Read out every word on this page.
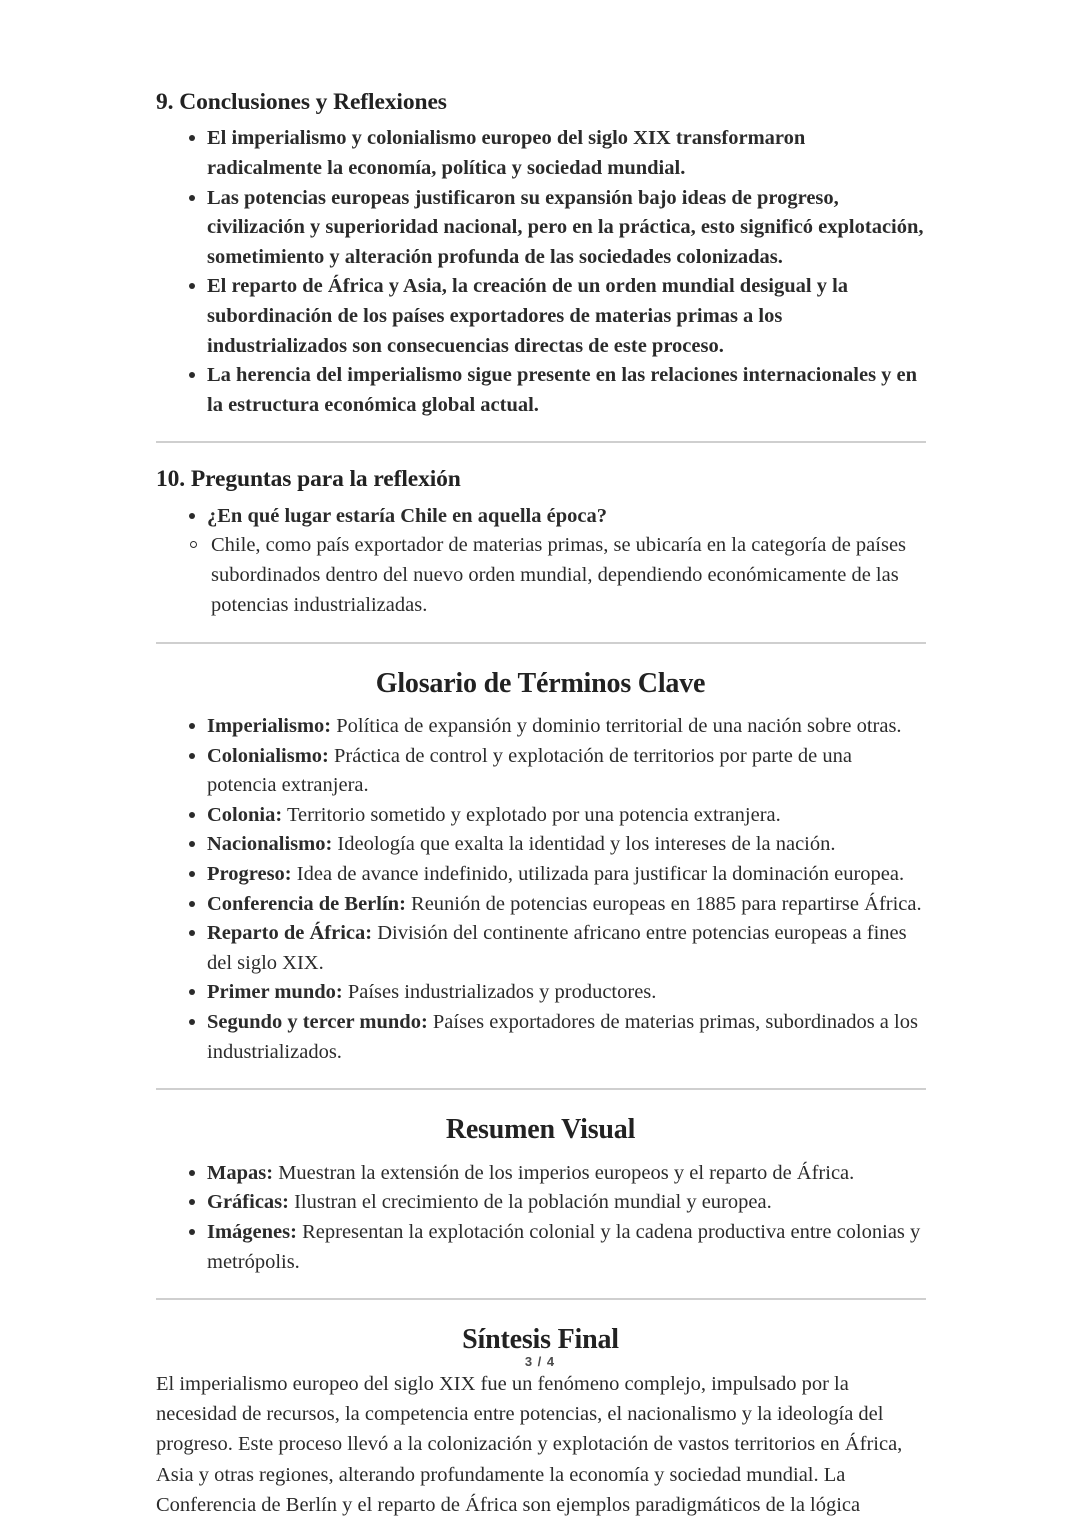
9. Conclusiones y Reflexiones
El imperialismo y colonialismo europeo del siglo XIX transformaron radicalmente la economía, política y sociedad mundial.
Las potencias europeas justificaron su expansión bajo ideas de progreso, civilización y superioridad nacional, pero en la práctica, esto significó explotación, sometimiento y alteración profunda de las sociedades colonizadas.
El reparto de África y Asia, la creación de un orden mundial desigual y la subordinación de los países exportadores de materias primas a los industrializados son consecuencias directas de este proceso.
La herencia del imperialismo sigue presente en las relaciones internacionales y en la estructura económica global actual.
10. Preguntas para la reflexión
¿En qué lugar estaría Chile en aquella época?
Chile, como país exportador de materias primas, se ubicaría en la categoría de países subordinados dentro del nuevo orden mundial, dependiendo económicamente de las potencias industrializadas.
Glosario de Términos Clave
Imperialismo: Política de expansión y dominio territorial de una nación sobre otras.
Colonialismo: Práctica de control y explotación de territorios por parte de una potencia extranjera.
Colonia: Territorio sometido y explotado por una potencia extranjera.
Nacionalismo: Ideología que exalta la identidad y los intereses de la nación.
Progreso: Idea de avance indefinido, utilizada para justificar la dominación europea.
Conferencia de Berlín: Reunión de potencias europeas en 1885 para repartirse África.
Reparto de África: División del continente africano entre potencias europeas a fines del siglo XIX.
Primer mundo: Países industrializados y productores.
Segundo y tercer mundo: Países exportadores de materias primas, subordinados a los industrializados.
Resumen Visual
Mapas: Muestran la extensión de los imperios europeos y el reparto de África.
Gráficas: Ilustran el crecimiento de la población mundial y europea.
Imágenes: Representan la explotación colonial y la cadena productiva entre colonias y metrópolis.
Síntesis Final

El imperialismo europeo del siglo XIX fue un fenómeno complejo, impulsado por la necesidad de recursos, la competencia entre potencias, el nacionalismo y la ideología del progreso. Este proceso llevó a la colonización y explotación de vastos territorios en África, Asia y otras regiones, alterando profundamente la economía y sociedad mundial. La Conferencia de Berlín y el reparto de África son ejemplos paradigmáticos de la lógica

3 / 4
